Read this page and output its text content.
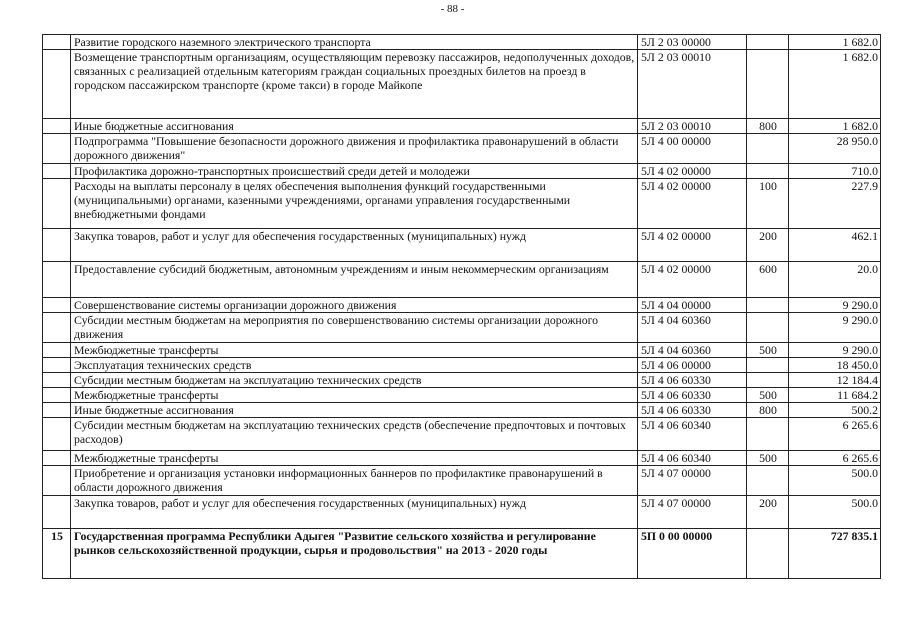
- 88 -
	Развитие городского наземного электрического транспорта	5Л 2 03 00000		1 682.0
	Возмещение транспортным организациям, осуществляющим перевозку пассажиров, недополученных доходов, связанных с реализацией отдельным категориям граждан социальных проездных билетов на проезд в городском пассажирском транспорте (кроме такси) в городе Майкопе	5Л 2 03 00010		1 682.0
	Иные бюджетные ассигнования	5Л 2 03 00010	800	1 682.0
	Подпрограмма "Повышение безопасности дорожного движения и профилактика правонарушений в области дорожного движения"	5Л 4 00 00000		28 950.0
	Профилактика дорожно-транспортных происшествий среди детей и молодежи	5Л 4 02 00000		710.0
	Расходы на выплаты персоналу в целях обеспечения выполнения функций государственными (муниципальными) органами, казенными учреждениями, органами управления государственными внебюджетными фондами	5Л 4 02 00000	100	227.9
	Закупка товаров, работ и услуг для обеспечения государственных (муниципальных) нужд	5Л 4 02 00000	200	462.1
	Предоставление субсидий бюджетным, автономным учреждениям и иным некоммерческим организациям	5Л 4 02 00000	600	20.0
	Совершенствование системы организации дорожного движения	5Л 4 04 00000		9 290.0
	Субсидии местным бюджетам на мероприятия по совершенствованию системы организации дорожного движения	5Л 4 04 60360		9 290.0
	Межбюджетные трансферты	5Л 4 04 60360	500	9 290.0
	Эксплуатация технических средств	5Л 4 06 00000		18 450.0
	Субсидии местным бюджетам на эксплуатацию технических средств	5Л 4 06 60330		12 184.4
	Межбюджетные трансферты	5Л 4 06 60330	500	11 684.2
	Иные бюджетные ассигнования	5Л 4 06 60330	800	500.2
	Субсидии местным бюджетам на эксплуатацию технических средств (обеспечение предпочтовых и почтовых расходов)	5Л 4 06 60340		6 265.6
	Межбюджетные трансферты	5Л 4 06 60340	500	6 265.6
	Приобретение и организация установки информационных баннеров по профилактике правонарушений в области дорожного движения	5Л 4 07 00000		500.0
	Закупка товаров, работ и услуг для обеспечения государственных (муниципальных) нужд	5Л 4 07 00000	200	500.0
15	Государственная программа Республики Адыгея "Развитие сельского хозяйства и регулирование рынков сельскохозяйственной продукции, сырья и продовольствия" на 2013 - 2020 годы	5П 0 00 00000		727 835.1
